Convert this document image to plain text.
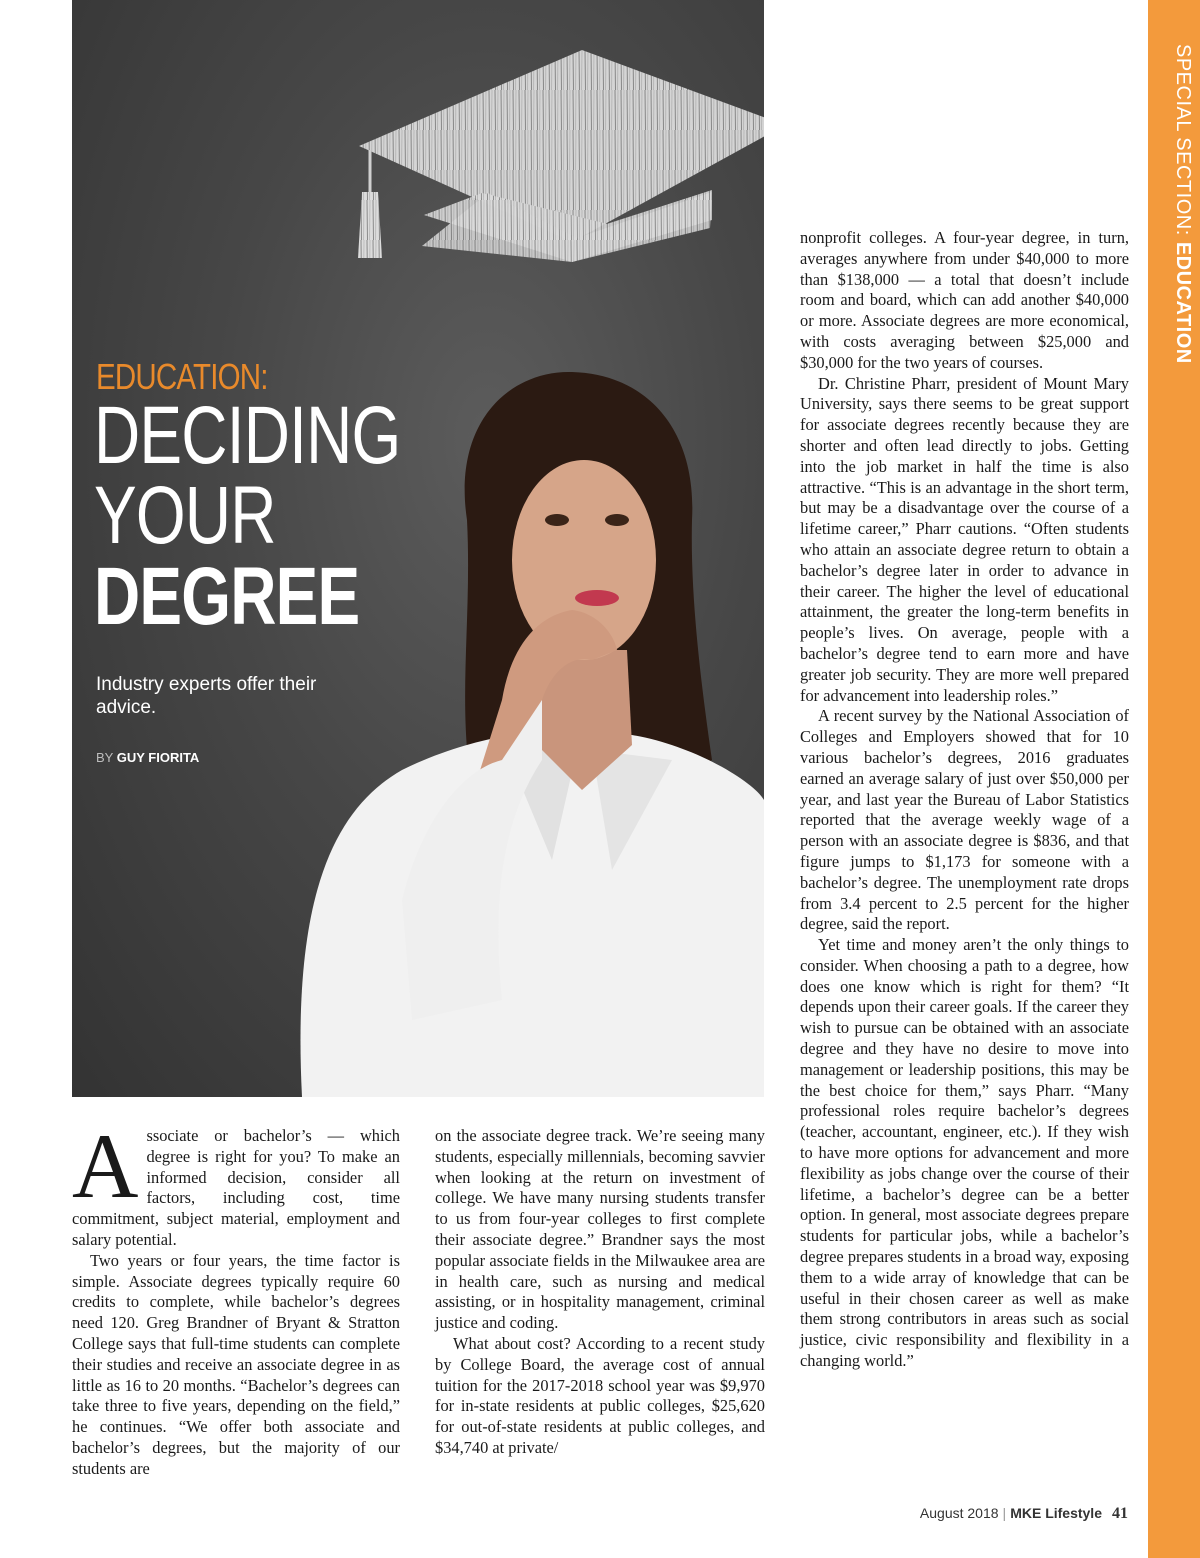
EDUCATION:
DECIDING
YOUR
DEGREE

Industry experts offer their advice.

BY GUY FIORITA

SPECIAL SECTION: EDUCATION

Associate or bachelor’s — which degree is right for you? To make an informed decision, consider all factors, including cost, time commitment, subject material, employment and salary potential.

Two years or four years, the time factor is simple. Associate degrees typically require 60 credits to complete, while bachelor’s degrees need 120. Greg Brandner of Bryant & Stratton College says that full-time students can complete their studies and receive an associate degree in as little as 16 to 20 months. “Bachelor’s degrees can take three to five years, depending on the field,” he continues. “We offer both associate and bachelor’s degrees, but the majority of our students are

on the associate degree track. We’re seeing many students, especially millennials, becoming savvier when looking at the return on investment of college. We have many nursing students transfer to us from four-year colleges to first complete their associate degree.” Brandner says the most popular associate fields in the Milwaukee area are in health care, such as nursing and medical assisting, or in hospitality management, criminal justice and coding.

What about cost? According to a recent study by College Board, the average cost of annual tuition for the 2017-2018 school year was $9,970 for in-state residents at public colleges, $25,620 for out-of-state residents at public colleges, and $34,740 at private/

nonprofit colleges. A four-year degree, in turn, averages anywhere from under $40,000 to more than $138,000 — a total that doesn’t include room and board, which can add another $40,000 or more. Associate degrees are more economical, with costs averaging between $25,000 and $30,000 for the two years of courses.

Dr. Christine Pharr, president of Mount Mary University, says there seems to be great support for associate degrees recently because they are shorter and often lead directly to jobs. Getting into the job market in half the time is also attractive. “This is an advantage in the short term, but may be a disadvantage over the course of a lifetime career,” Pharr cautions. “Often students who attain an associate degree return to obtain a bachelor’s degree later in order to advance in their career. The higher the level of educational attainment, the greater the long-term benefits in people’s lives. On average, people with a bachelor’s degree tend to earn more and have greater job security. They are more well prepared for advancement into leadership roles.”

A recent survey by the National Association of Colleges and Employers showed that for 10 various bachelor’s degrees, 2016 graduates earned an average salary of just over $50,000 per year, and last year the Bureau of Labor Statistics reported that the average weekly wage of a person with an associate degree is $836, and that figure jumps to $1,173 for someone with a bachelor’s degree. The unemployment rate drops from 3.4 percent to 2.5 percent for the higher degree, said the report.

Yet time and money aren’t the only things to consider. When choosing a path to a degree, how does one know which is right for them? “It depends upon their career goals. If the career they wish to pursue can be obtained with an associate degree and they have no desire to move into management or leadership positions, this may be the best choice for them,” says Pharr. “Many professional roles require bachelor’s degrees (teacher, accountant, engineer, etc.). If they wish to have more options for advancement and more flexibility as jobs change over the course of their lifetime, a bachelor’s degree can be a better option. In general, most associate degrees prepare students for particular jobs, while a bachelor’s degree prepares students in a broad way, exposing them to a wide array of knowledge that can be useful in their chosen career as well as make them strong contributors in areas such as social justice, civic responsibility and flexibility in a changing world.”

August 2018 | MKE Lifestyle 41
